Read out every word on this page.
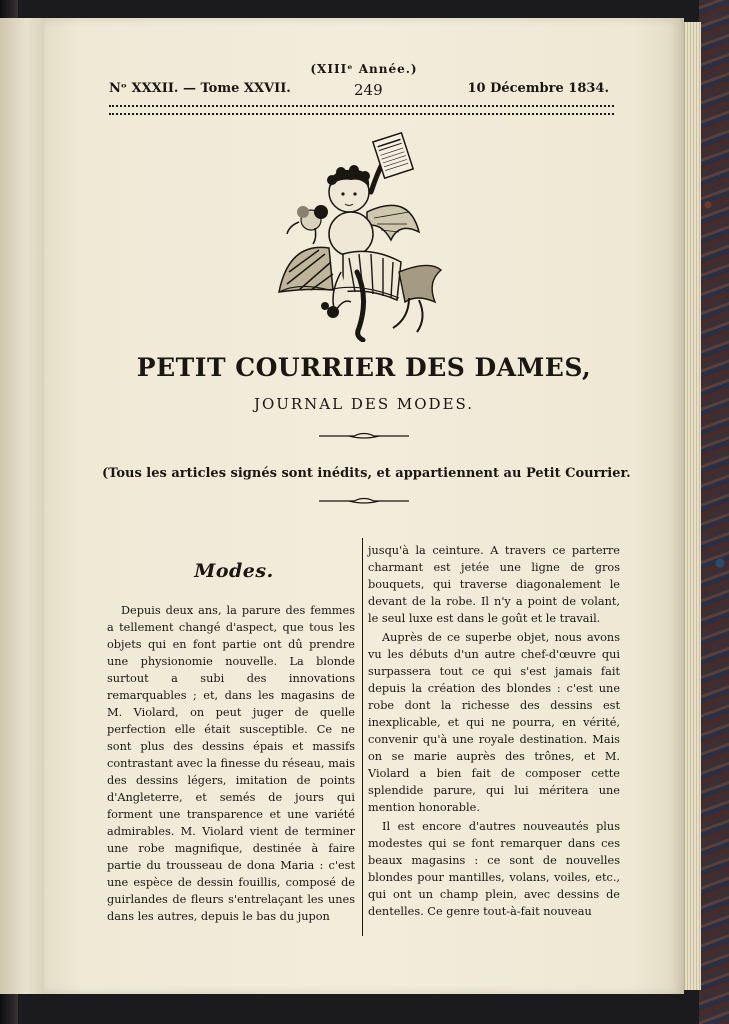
(XIIIᵉ Année.)
Nᵒ XXXII. — Tome XXVII.	249	10 Décembre 1834.
PETIT COURRIER DES DAMES,
JOURNAL DES MODES.
(Tous les articles signés sont inédits, et appartiennent au Petit Courrier.
Modes.

Depuis deux ans, la parure des femmes a tellement changé d'aspect, que tous les objets qui en font partie ont dû prendre une physionomie nouvelle. La blonde surtout a subi des innovations remarquables ; et, dans les magasins de M. Violard, on peut juger de quelle perfection elle était susceptible. Ce ne sont plus des dessins épais et massifs contrastant avec la finesse du réseau, mais des dessins légers, imitation de points d'Angleterre, et semés de jours qui forment une transparence et une variété admirables. M. Violard vient de terminer une robe magnifique, destinée à faire partie du trousseau de dona Maria : c'est une espèce de dessin fouillis, composé de guirlandes de fleurs s'entrelaçant les unes dans les autres, depuis le bas du jupon

jusqu'à la ceinture. A travers ce parterre charmant est jetée une ligne de gros bouquets, qui traverse diagonalement le devant de la robe. Il n'y a point de volant, le seul luxe est dans le goût et le travail.

Auprès de ce superbe objet, nous avons vu les débuts d'un autre chef-d'œuvre qui surpassera tout ce qui s'est jamais fait depuis la création des blondes : c'est une robe dont la richesse des dessins est inexplicable, et qui ne pourra, en vérité, convenir qu'à une royale destination. Mais on se marie auprès des trônes, et M. Violard a bien fait de composer cette splendide parure, qui lui méritera une mention honorable.

Il est encore d'autres nouveautés plus modestes qui se font remarquer dans ces beaux magasins : ce sont de nouvelles blondes pour mantilles, volans, voiles, etc., qui ont un champ plein, avec dessins de dentelles. Ce genre tout-à-fait nouveau
